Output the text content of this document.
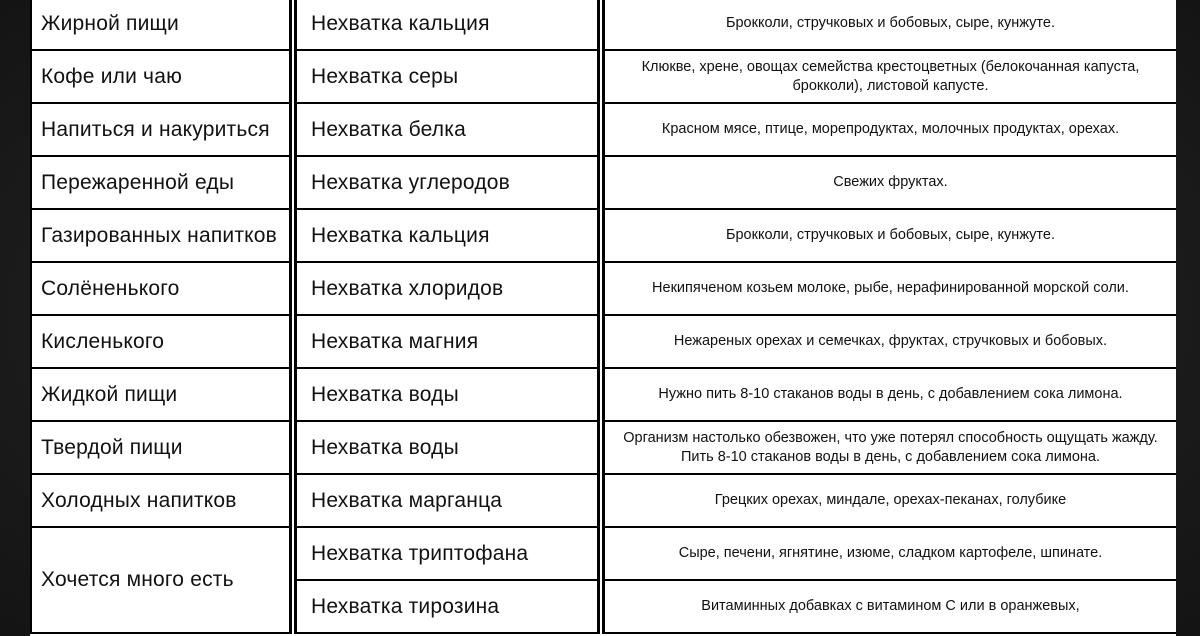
Жирной пищи	Нехватка кальция	Брокколи, стручковых и бобовых, сыре, кунжуте.
Кофе или чаю	Нехватка серы	Клюкве, хрене, овощах семейства крестоцветных (белокочанная капуста, брокколи), листовой капусте.
Напиться и накуриться	Нехватка белка	Красном мясе, птице, морепродуктах, молочных продуктах, орехах.
Пережаренной еды	Нехватка углеродов	Свежих фруктах.
Газированных напитков	Нехватка кальция	Брокколи, стручковых и бобовых, сыре, кунжуте.
Солёненького	Нехватка хлоридов	Некипяченом козьем молоке, рыбе, нерафинированной морской соли.
Кисленького	Нехватка магния	Нежареных орехах и семечках, фруктах, стручковых и бобовых.
Жидкой пищи	Нехватка воды	Нужно пить 8-10 стаканов воды в день, с добавлением сока лимона.
Твердой пищи	Нехватка воды	Организм настолько обезвожен, что уже потерял способность ощущать жажду. Пить 8-10 стаканов воды в день, с добавлением сока лимона.
Холодных напитков	Нехватка марганца	Грецких орехах, миндале, орехах-пеканах, голубике
Хочется много есть	Нехватка триптофана	Сыре, печени, ягнятине, изюме, сладком картофеле, шпинате.
	Нехватка тирозина	Витаминных добавках с витамином С или в оранжевых,
